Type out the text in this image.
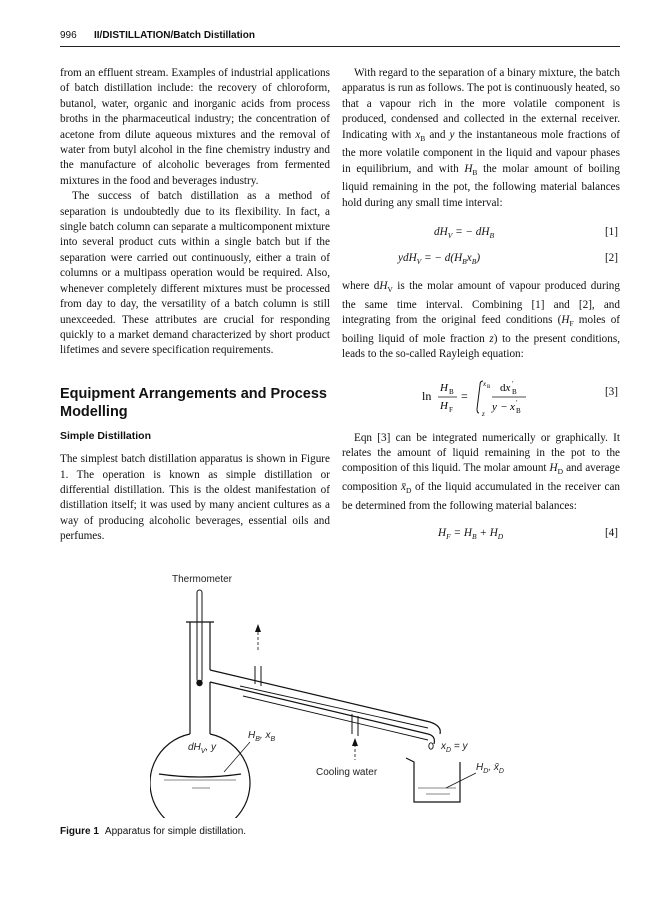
996 II/DISTILLATION/Batch Distillation

from an effluent stream. Examples of industrial applications of batch distillation include: the recovery of chloroform, butanol, water, organic and inorganic acids from process broths in the pharmaceutical industry; the concentration of acetone from dilute aqueous mixtures and the removal of water from butyl alcohol in the fine chemistry industry and the manufacture of alcoholic beverages from fermented mixtures in the food and beverages industry.

The success of batch distillation as a method of separation is undoubtedly due to its flexibility. In fact, a single batch column can separate a multicomponent mixture into several product cuts within a single batch but if the separation were carried out continuously, either a train of columns or a multipass operation would be required. Also, whenever completely different mixtures must be processed from day to day, the versatility of a batch column is still unexceeded. These attributes are crucial for responding quickly to a market demand characterized by short product lifetimes and severe specification requirements.

Equipment Arrangements and Process Modelling
Simple Distillation

The simplest batch distillation apparatus is shown in Figure 1. The operation is known as simple distillation or differential distillation. This is the oldest manifestation of distillation itself; it was used by many ancient cultures as a way of producing alcoholic beverages, essential oils and perfumes.

With regard to the separation of a binary mixture, the batch apparatus is run as follows. The pot is continuously heated, so that a vapour rich in the more volatile component is produced, condensed and collected in the external receiver. Indicating with $x_B$ and y the instantaneous mole fractions of the more volatile component in the liquid and vapour phases in equilibrium, and with $H_B$ the molar amount of boiling liquid remaining in the pot, the following material balances hold during any small time interval:

$dH_V$ = − $dH_B$	[1]
ydH$_V$ = − $d(H_Bx_B)$	[2]

where $dH_V$ is the molar amount of vapour produced during the same time interval. Combining [1] and [2], and integrating from the original feed conditions ($H_F$ moles of boiling liquid of mole fraction z) to the present conditions, leads to the so-called Rayleigh equation:

ln
H B
H F
=
x B
z
dx B
′
y − x B
′
[3]

Eqn [3] can be integrated numerically or graphically. It relates the amount of liquid remaining in the pot to the composition of this liquid. The molar amount $H_D$ and average composition $x̄_D$ of the liquid accumulated in the receiver can be determined from the following material balances:

$H_F = H_B + H_D$	[4]
Thermometer
Cooling water
$dH_V$, y
$H_B$, $x_B$
$x_D = y$
$H_D$, $x̄_D$
Figure 1 Apparatus for simple distillation.
